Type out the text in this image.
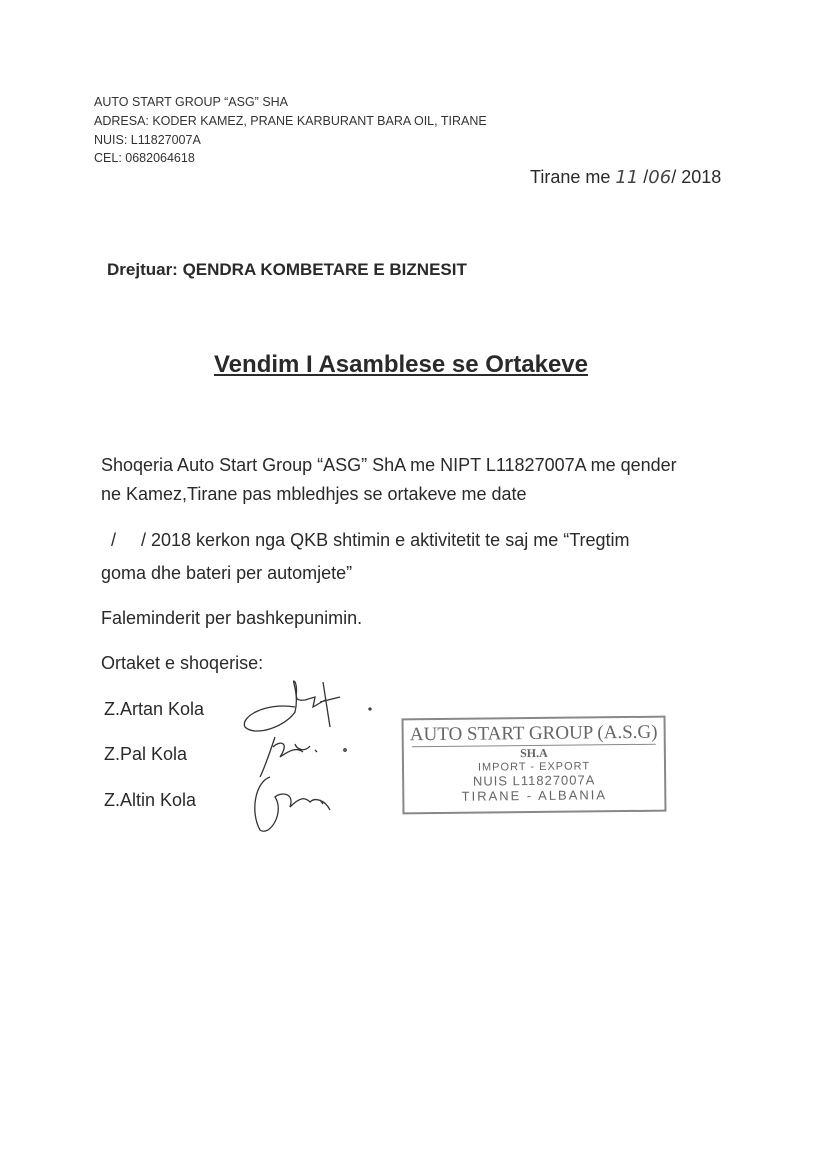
AUTO START GROUP “ASG” SHA
ADRESA: KODER KAMEZ, PRANE KARBURANT BARA OIL, TIRANE
NUIS: L11827007A
CEL: 0682064618
Tirane me 11 /06/ 2018
Drejtuar: QENDRA KOMBETARE E BIZNESIT
Vendim I Asamblese se Ortakeve
Shoqeria Auto Start Group “ASG” ShA me NIPT L11827007A me qender
ne Kamez,Tirane pas mbledhjes se ortakeve me date
/     / 2018 kerkon nga QKB shtimin e aktivitetit te saj me “Tregtim
goma dhe bateri per automjete”
Faleminderit per bashkepunimin.
Ortaket e shoqerise:
Z.Artan Kola
Z.Pal Kola
Z.Altin Kola
AUTO START GROUP (A.S.G)
SH.A
IMPORT - EXPORT
NUIS L11827007A
TIRANE - ALBANIA
